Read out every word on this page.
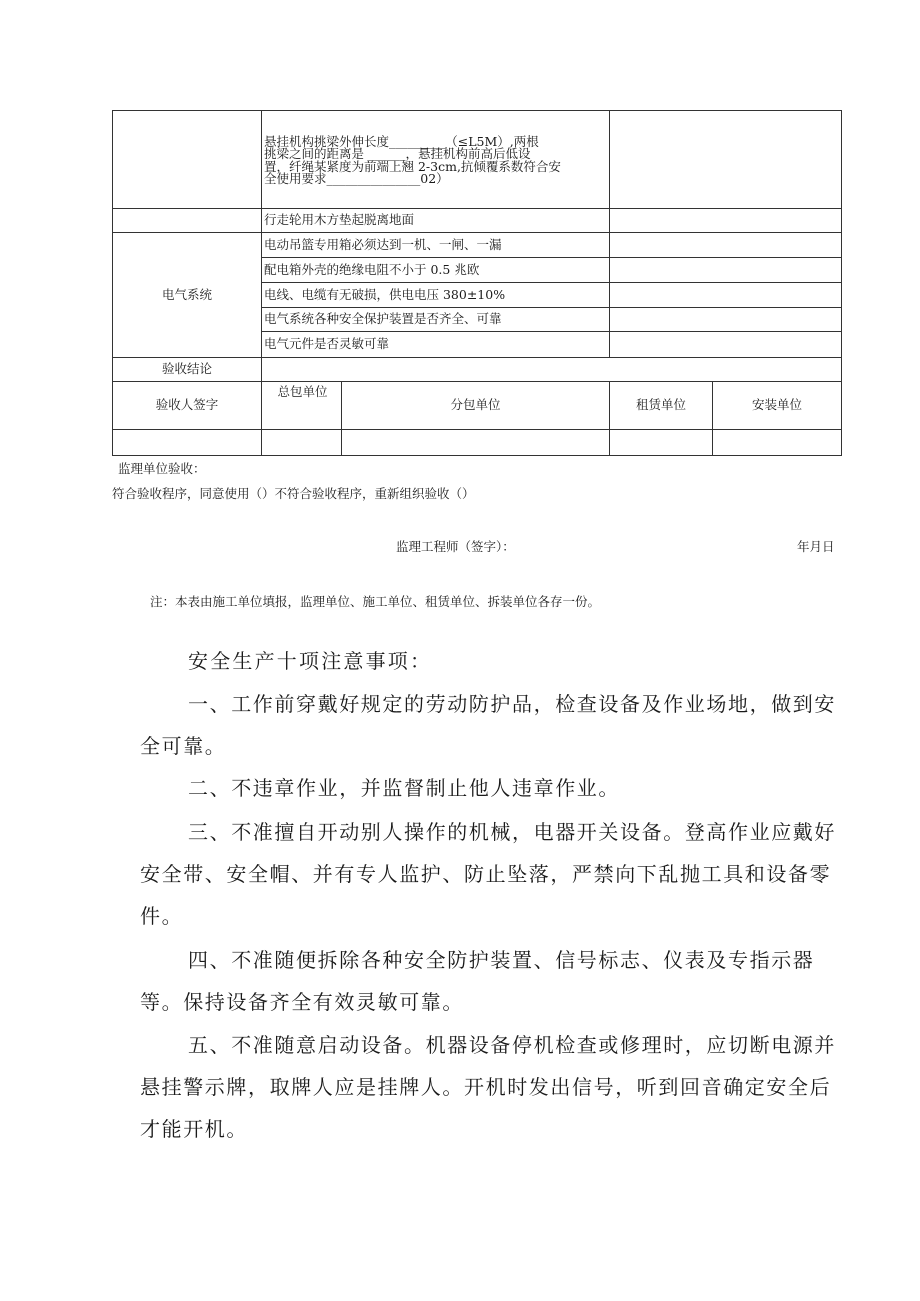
	悬挂机构挑梁外伸长度_________（≤L5M）,两根
挑梁之间的距离是 ______，悬挂机构前高后低设
置，纤绳某紧度为前端上翘 2-3cm,抗倾覆系数符合安
全使用要求_______________02）			

	行走轮用木方垫起脱离地面			
电气系统	电动吊篮专用箱必须达到一机、一闸、一漏			
	配电箱外壳的绝缘电阻不小于 0.5 兆欧			
	电线、电缆有无破损，供电电压 380±10%			
	电气系统各种安全保护装置是否齐全、可靠			
	电气元件是否灵敏可靠			
验收结论				
验收人签字	总包单位	分包单位	租赁单位	安装单位

监理单位验收：
符合验收程序，同意使用（）不符合验收程序，重新组织验收（）
监理工程师（签字）：	年月日
注：本表由施工单位填报，监理单位、施工单位、租赁单位、拆装单位各存一份。
安全生产十项注意事项：

一、工作前穿戴好规定的劳动防护品，检查设备及作业场地，做到安全可靠。

二、不违章作业，并监督制止他人违章作业。

三、不准擅自开动别人操作的机械，电器开关设备。登高作业应戴好安全带、安全帽、并有专人监护、防止坠落，严禁向下乱抛工具和设备零件。

四、不准随便拆除各种安全防护装置、信号标志、仪表及专指示器等。保持设备齐全有效灵敏可靠。

五、不准随意启动设备。机器设备停机检查或修理时，应切断电源并悬挂警示牌，取牌人应是挂牌人。开机时发出信号，听到回音确定安全后才能开机。
